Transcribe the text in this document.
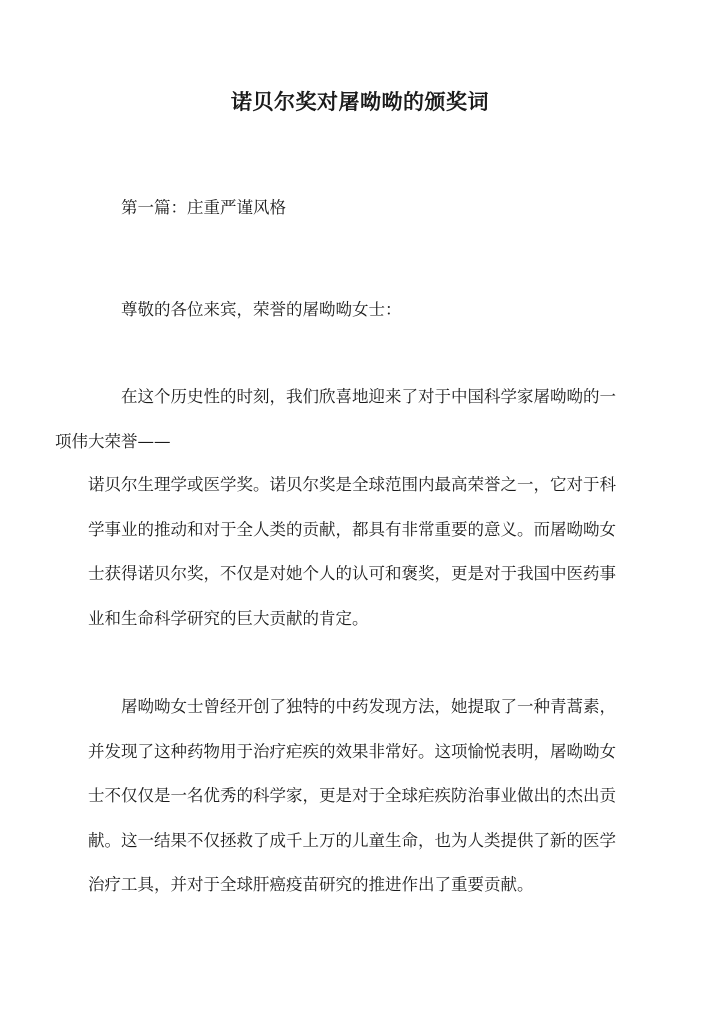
诺贝尔奖对屠呦呦的颁奖词

第一篇：庄重严谨风格

尊敬的各位来宾，荣誉的屠呦呦女士：

在这个历史性的时刻，我们欣喜地迎来了对于中国科学家屠呦呦的一
项伟大荣誉——

诺贝尔生理学或医学奖。诺贝尔奖是全球范围内最高荣誉之一，它对于科
学事业的推动和对于全人类的贡献，都具有非常重要的意义。而屠呦呦女
士获得诺贝尔奖，不仅是对她个人的认可和褒奖，更是对于我国中医药事
业和生命科学研究的巨大贡献的肯定。

屠呦呦女士曾经开创了独特的中药发现方法，她提取了一种青蒿素，
并发现了这种药物用于治疗疟疾的效果非常好。这项愉悦表明，屠呦呦女
士不仅仅是一名优秀的科学家，更是对于全球疟疾防治事业做出的杰出贡
献。这一结果不仅拯救了成千上万的儿童生命，也为人类提供了新的医学
治疗工具，并对于全球肝癌疫苗研究的推进作出了重要贡献。
